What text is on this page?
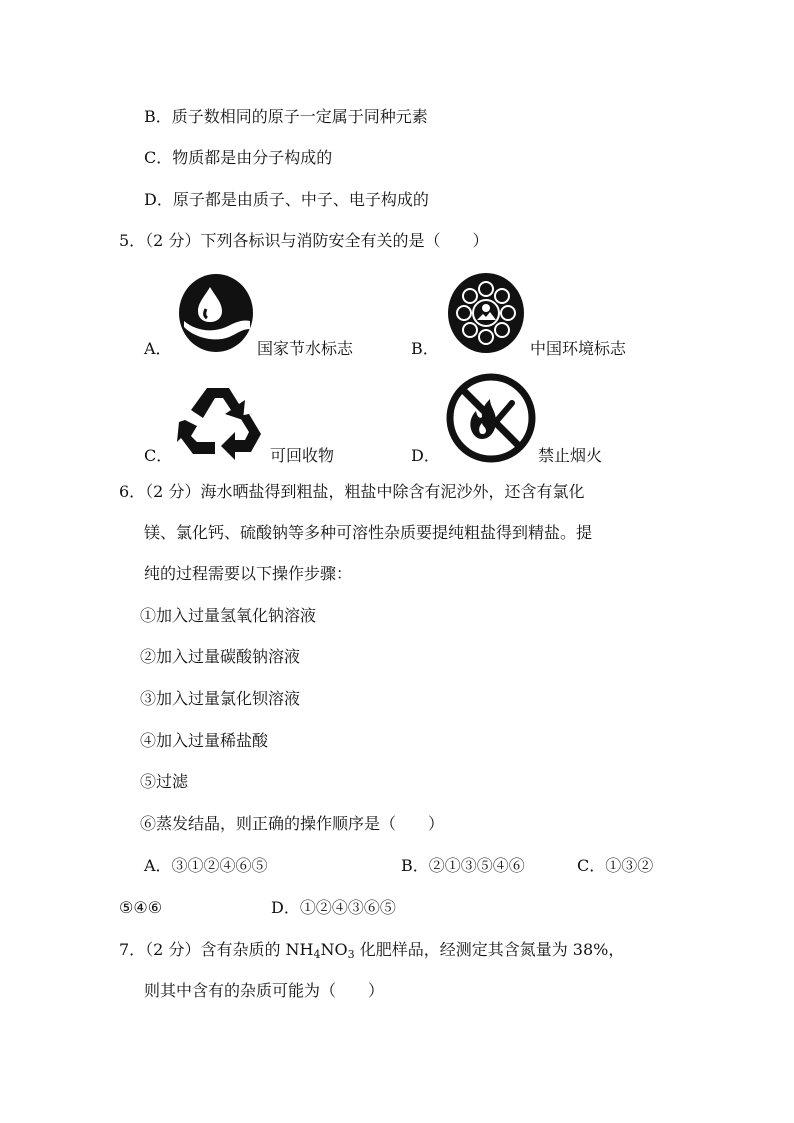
B．质子数相同的原子一定属于同种元素
C．物质都是由分子构成的
D．原子都是由质子、中子、电子构成的
5．（2 分）下列各标识与消防安全有关的是（　　）
A．	国家节水标志	B．	中国环境标志
C．	可回收物	D．	禁止烟火
6．（2 分）海水晒盐得到粗盐，粗盐中除含有泥沙外，还含有氯化
镁、氯化钙、硫酸钠等多种可溶性杂质要提纯粗盐得到精盐。提
纯的过程需要以下操作步骤：
①加入过量氢氧化钠溶液
②加入过量碳酸钠溶液
③加入过量氯化钡溶液
④加入过量稀盐酸
⑤过滤
⑥蒸发结晶，则正确的操作顺序是（　　）
A．③①②④⑥⑤	B．②①③⑤④⑥	C．①③②
⑤④⑥	D．①②④③⑥⑤
7．（2 分）含有杂质的 $NH_4NO_3$ 化肥样品，经测定其含氮量为 38%，
则其中含有的杂质可能为（　　）
